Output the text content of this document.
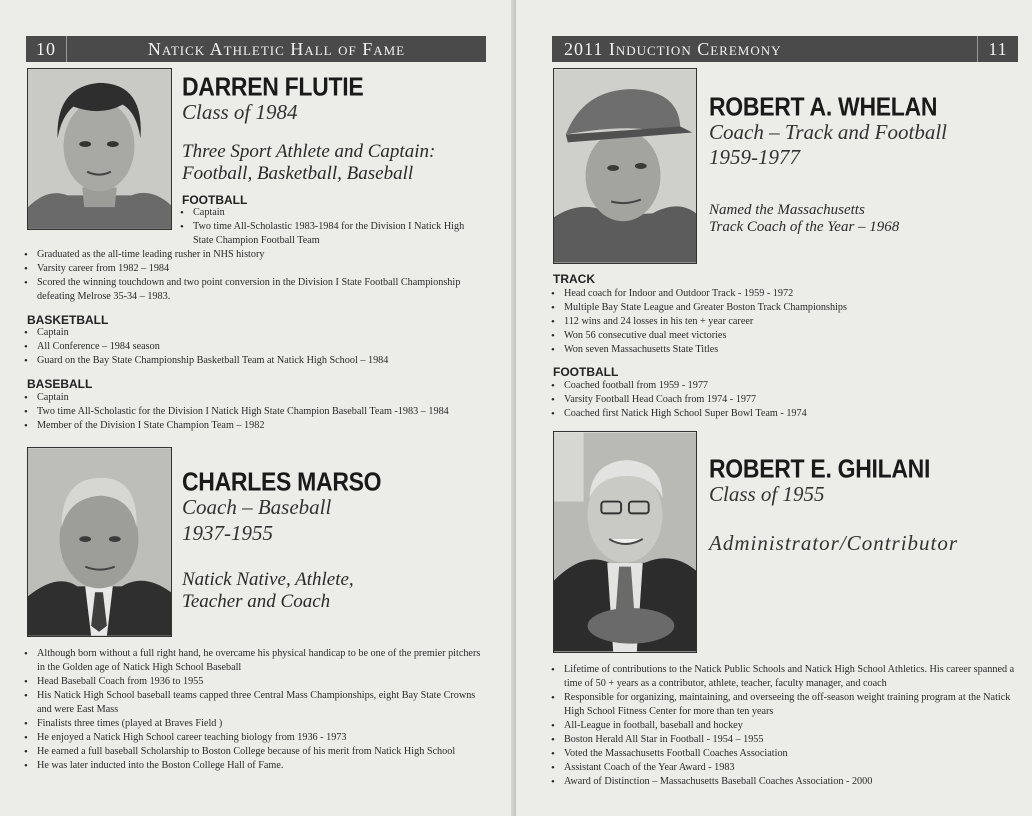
10	Natick Athletic Hall of Fame
DARREN FLUTIE
Class of 1984
Three Sport Athlete and Captain:
Football, Basketball, Baseball
FOOTBALL
• Captain
• Two time All-Scholastic 1983-1984 for the Division I Natick High State Champion Football Team
• Graduated as the all-time leading rusher in NHS history
• Varsity career from 1982 – 1984
• Scored the winning touchdown and two point conversion in the Division I State Football Championship defeating Melrose 35-34 – 1983.
BASKETBALL
• Captain
• All Conference – 1984 season
• Guard on the Bay State Championship Basketball Team at Natick High School – 1984
BASEBALL
• Captain
• Two time All-Scholastic for the Division I Natick High State Champion Baseball Team -1983 – 1984
• Member of the Division I State Champion Team – 1982
CHARLES MARSO
Coach – Baseball
1937-1955
Natick Native, Athlete,
Teacher and Coach
• Although born without a full right hand, he overcame his physical handicap to be one of the premier pitchers in the Golden age of Natick High School Baseball
• Head Baseball Coach from 1936 to 1955
• His Natick High School baseball teams capped three Central Mass Championships, eight Bay State Crowns and were East Mass
• Finalists three times (played at Braves Field )
• He enjoyed a Natick High School career teaching biology from 1936 - 1973
• He earned a full baseball Scholarship to Boston College because of his merit from Natick High School
• He was later inducted into the Boston College Hall of Fame.
2011 Induction Ceremony	11
ROBERT A. WHELAN
Coach – Track and Football
1959-1977
Named the Massachusetts
Track Coach of the Year – 1968
TRACK
• Head coach for Indoor and Outdoor Track - 1959 - 1972
• Multiple Bay State League and Greater Boston Track Championships
• 112 wins and 24 losses in his ten + year career
• Won 56 consecutive dual meet victories
• Won seven Massachusetts State Titles
FOOTBALL
• Coached football from 1959 - 1977
• Varsity Football Head Coach from 1974 - 1977
• Coached first Natick High School Super Bowl Team - 1974
ROBERT E. GHILANI
Class of 1955
Administrator/Contributor
• Lifetime of contributions to the Natick Public Schools and Natick High School Athletics. His career spanned a time of 50 + years as a contributor, athlete, teacher, faculty manager, and coach
• Responsible for organizing, maintaining, and overseeing the off-season weight training program at the Natick High School Fitness Center for more than ten years
• All-League in football, baseball and hockey
• Boston Herald All Star in Football - 1954 – 1955
• Voted the Massachusetts Football Coaches Association
• Assistant Coach of the Year Award - 1983
• Award of Distinction – Massachusetts Baseball Coaches Association - 2000
